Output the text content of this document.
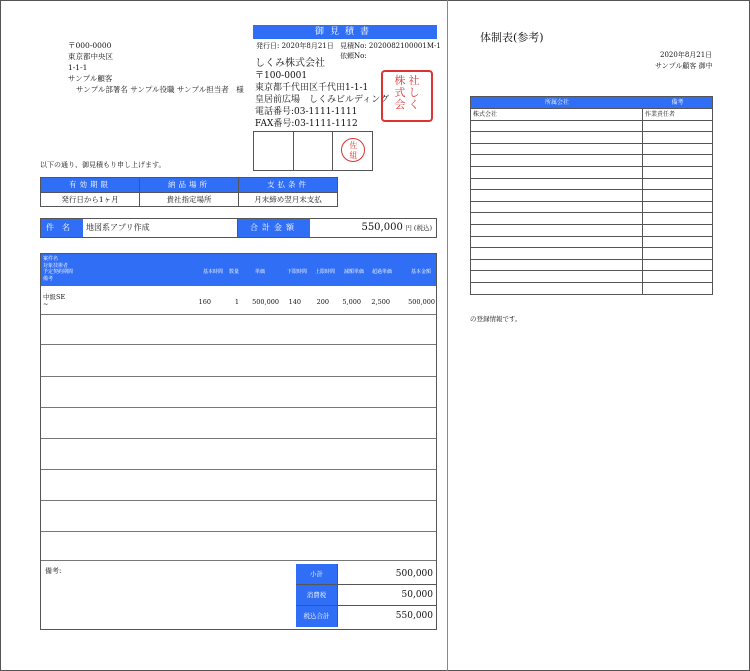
〒000-0000
東京都中央区
1-1-1
サンプル顧客
サンプル部署名 サンプル役職 サンプル担当者　様
御見積書
発行日: 2020年8月21日 見積No: 2020082100001M-1
依頼No:
しくみ株式会社
〒100-0001
東京都千代田区千代田1-1-1
皇居前広場　しくみビルディング
電話番号:03-1111-1111
FAX番号:03-1111-1112
株
式
会
社
し
く
佐
組
以下の通り、御見積もり申し上げます。
有効期限	納品場所	支払条件
発行日から1ヶ月	貴社指定場所	月末締め翌月末支払
件名	地図系アプリ作成	合計金額	550,000 円 (税込)
案件名
対象技術者
予定契約期間
備考
基本時間	数量	単価	下限時間	上限時間	減額単価	超過単価	基本金額
中級SE
~	160	1	500,000	140	200	5,000	2,500	500,000
備考:	小計	500,000
消費税	50,000
税込合計	550,000
体制表(参考)
2020年8月21日
サンプル顧客 御中
所属会社	備考
株式会社	作業責任者
の登録情報です。
